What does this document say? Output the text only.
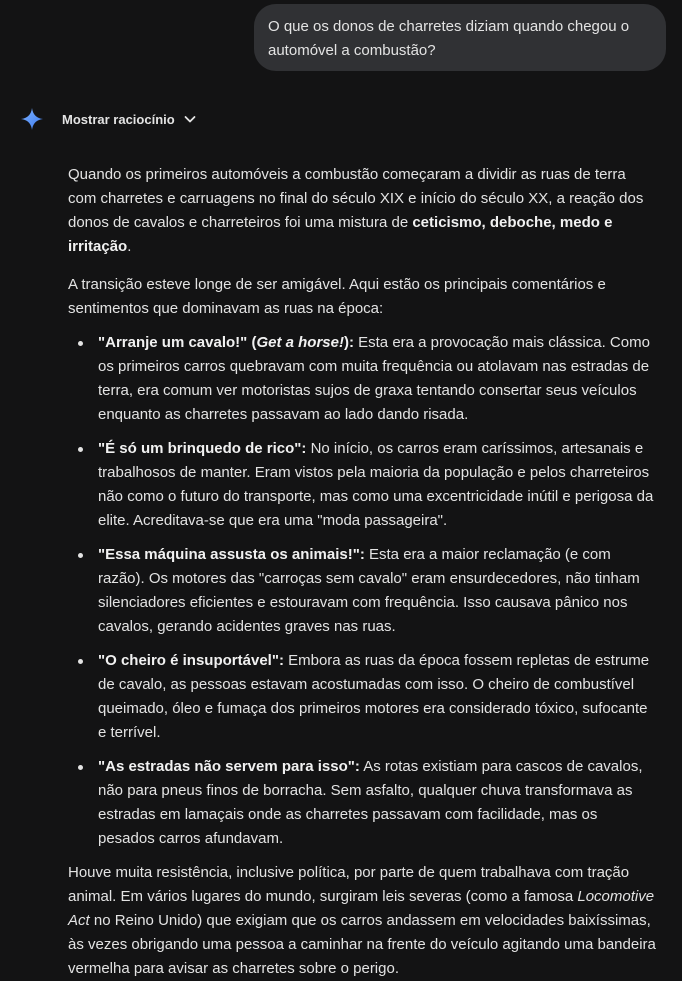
O que os donos de charretes diziam quando chegou o
automóvel a combustão?
Mostrar raciocínio

Quando os primeiros automóveis a combustão começaram a dividir as ruas de terra com charretes e carruagens no final do século XIX e início do século XX, a reação dos donos de cavalos e charreteiros foi uma mistura de ceticismo, deboche, medo e irritação.

A transição esteve longe de ser amigável. Aqui estão os principais comentários e sentimentos que dominavam as ruas na época:

"Arranje um cavalo!" (Get a horse!): Esta era a provocação mais clássica. Como os primeiros carros quebravam com muita frequência ou atolavam nas estradas de terra, era comum ver motoristas sujos de graxa tentando consertar seus veículos enquanto as charretes passavam ao lado dando risada.
"É só um brinquedo de rico": No início, os carros eram caríssimos, artesanais e trabalhosos de manter. Eram vistos pela maioria da população e pelos charreteiros não como o futuro do transporte, mas como uma excentricidade inútil e perigosa da elite. Acreditava-se que era uma "moda passageira".
"Essa máquina assusta os animais!": Esta era a maior reclamação (e com razão). Os motores das "carroças sem cavalo" eram ensurdecedores, não tinham silenciadores eficientes e estouravam com frequência. Isso causava pânico nos cavalos, gerando acidentes graves nas ruas.
"O cheiro é insuportável": Embora as ruas da época fossem repletas de estrume de cavalo, as pessoas estavam acostumadas com isso. O cheiro de combustível queimado, óleo e fumaça dos primeiros motores era considerado tóxico, sufocante e terrível.
"As estradas não servem para isso": As rotas existiam para cascos de cavalos, não para pneus finos de borracha. Sem asfalto, qualquer chuva transformava as estradas em lamaçais onde as charretes passavam com facilidade, mas os pesados carros afundavam.

Houve muita resistência, inclusive política, por parte de quem trabalhava com tração animal. Em vários lugares do mundo, surgiram leis severas (como a famosa Locomotive Act no Reino Unido) que exigiam que os carros andassem em velocidades baixíssimas, às vezes obrigando uma pessoa a caminhar na frente do veículo agitando uma bandeira vermelha para avisar as charretes sobre o perigo.
